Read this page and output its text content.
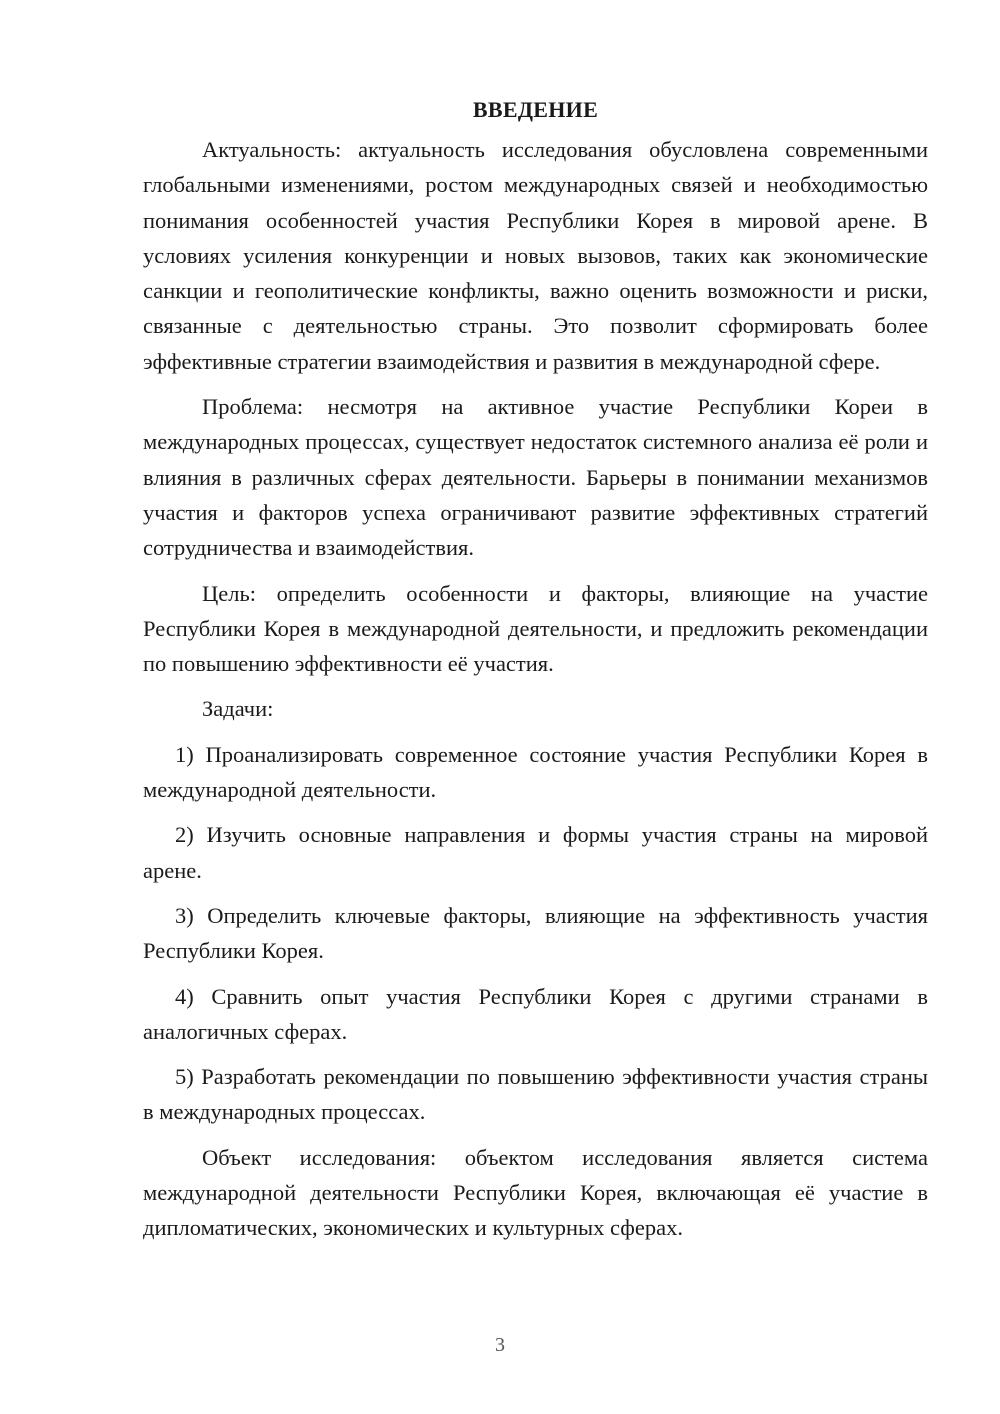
ВВЕДЕНИЕ

Актуальность: актуальность исследования обусловлена современными глобальными изменениями, ростом международных связей и необходимостью понимания особенностей участия Республики Корея в мировой арене. В условиях усиления конкуренции и новых вызовов, таких как экономические санкции и геополитические конфликты, важно оценить возможности и риски, связанные с деятельностью страны. Это позволит сформировать более эффективные стратегии взаимодействия и развития в международной сфере.

Проблема: несмотря на активное участие Республики Кореи в международных процессах, существует недостаток системного анализа её роли и влияния в различных сферах деятельности. Барьеры в понимании механизмов участия и факторов успеха ограничивают развитие эффективных стратегий сотрудничества и взаимодействия.

Цель: определить особенности и факторы, влияющие на участие Республики Корея в международной деятельности, и предложить рекомендации по повышению эффективности её участия.

Задачи:

1) Проанализировать современное состояние участия Республики Корея в международной деятельности.

2) Изучить основные направления и формы участия страны на мировой арене.

3) Определить ключевые факторы, влияющие на эффективность участия Республики Корея.

4) Сравнить опыт участия Республики Корея с другими странами в аналогичных сферах.

5) Разработать рекомендации по повышению эффективности участия страны в международных процессах.

Объект исследования: объектом исследования является система международной деятельности Республики Корея, включающая её участие в дипломатических, экономических и культурных сферах.

3
